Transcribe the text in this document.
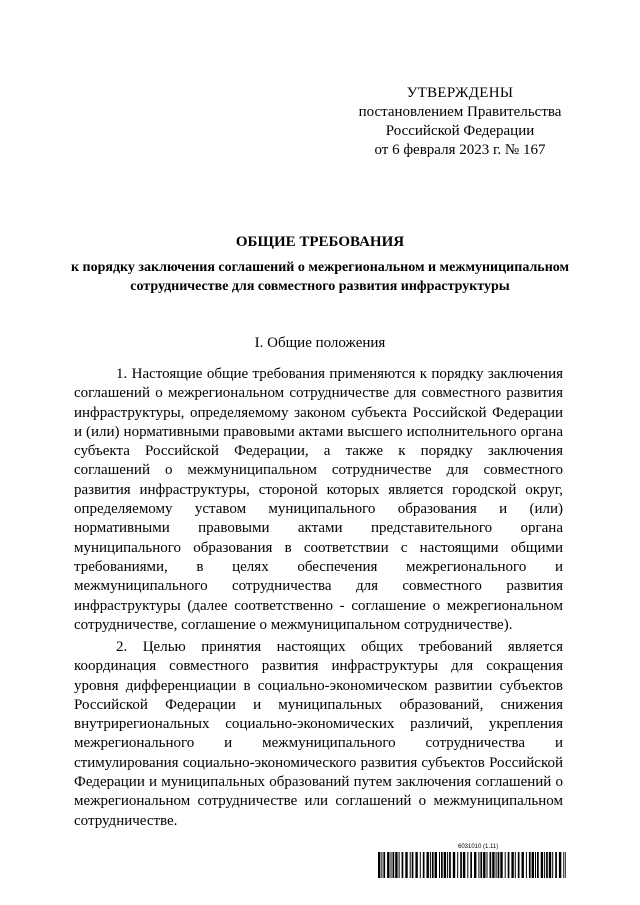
УТВЕРЖДЕНЫ
постановлением Правительства
Российской Федерации
от 6 февраля 2023 г. № 167
ОБЩИЕ ТРЕБОВАНИЯ
к порядку заключения соглашений о межрегиональном и межмуниципальном сотрудничестве для совместного развития инфраструктуры
I. Общие положения

1. Настоящие общие требования применяются к порядку заключения соглашений о межрегиональном сотрудничестве для совместного развития инфраструктуры, определяемому законом субъекта Российской Федерации и (или) нормативными правовыми актами высшего исполнительного органа субъекта Российской Федерации, а также к порядку заключения соглашений о межмуниципальном сотрудничестве для совместного развития инфраструктуры, стороной которых является городской округ, определяемому уставом муниципального образования и (или) нормативными правовыми актами представительного органа муниципального образования в соответствии с настоящими общими требованиями, в целях обеспечения межрегионального и межмуниципального сотрудничества для совместного развития инфраструктуры (далее соответственно - соглашение о межрегиональном сотрудничестве, соглашение о межмуниципальном сотрудничестве).

2. Целью принятия настоящих общих требований является координация совместного развития инфраструктуры для сокращения уровня дифференциации в социально-экономическом развитии субъектов Российской Федерации и муниципальных образований, снижения внутрирегиональных социально-экономических различий, укрепления межрегионального и межмуниципального сотрудничества и стимулирования социально-экономического развития субъектов Российской Федерации и муниципальных образований путем заключения соглашений о межрегиональном сотрудничестве или соглашений о межмуниципальном сотрудничестве.

6031010 (1.11)
